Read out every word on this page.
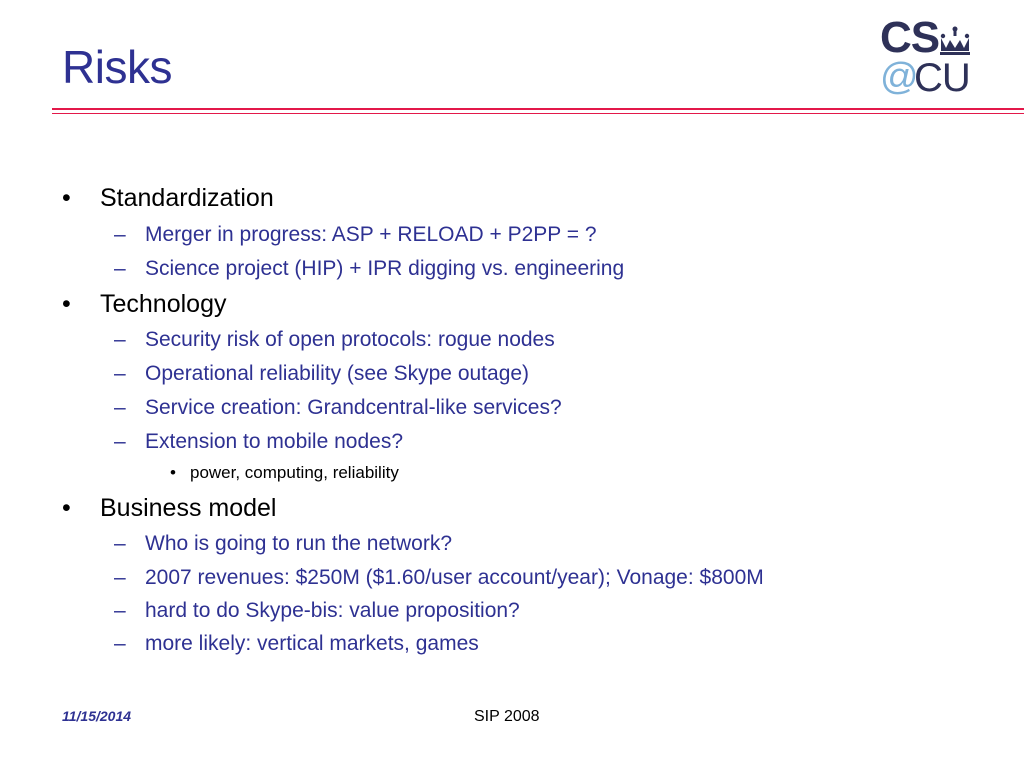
Risks
CS
@
CU
• Standardization
– Merger in progress: ASP + RELOAD + P2PP = ?
– Science project (HIP) + IPR digging vs. engineering
• Technology
– Security risk of open protocols: rogue nodes
– Operational reliability (see Skype outage)
– Service creation: Grandcentral-like services?
– Extension to mobile nodes?
• power, computing, reliability
• Business model
– Who is going to run the network?
– 2007 revenues: $250M ($1.60/user account/year); Vonage: $800M
– hard to do Skype-bis: value proposition?
– more likely: vertical markets, games
11/15/2014	SIP 2008
